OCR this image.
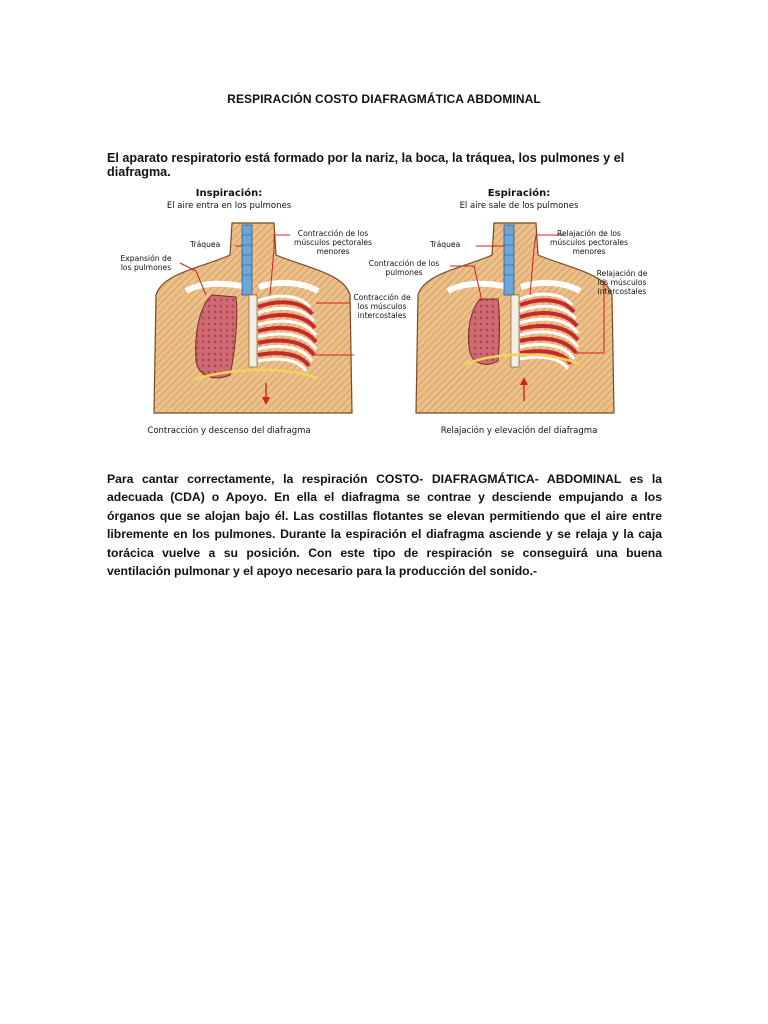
RESPIRACIÓN COSTO DIAFRAGMÁTICA ABDOMINAL
El aparato respiratorio está formado por la nariz, la boca, la tráquea, los pulmones y el diafragma.
Inspiración:
El aire entra en los pulmones
Tráquea
Expansión de los pulmones
Contracción de los músculos pectorales menores
Contracción de los músculos intercostales
Contracción y descenso del diafragma
Espiración:
El aire sale de los pulmones
Tráquea
Contracción de los pulmones
Relajación de los músculos pectorales menores
Relajación de los músculos intercostales
Relajación y elevación del diafragma
Para cantar correctamente, la respiración COSTO- DIAFRAGMÁTICA- ABDOMINAL es la adecuada (CDA) o Apoyo. En ella el diafragma se contrae y desciende empujando a los órganos que se alojan bajo él. Las costillas flotantes se elevan permitiendo que el aire entre libremente en los pulmones. Durante la espiración el diafragma asciende y se relaja y la caja torácica vuelve a su posición. Con este tipo de respiración se conseguirá una buena ventilación pulmonar y el apoyo necesario para la producción del sonido.-
